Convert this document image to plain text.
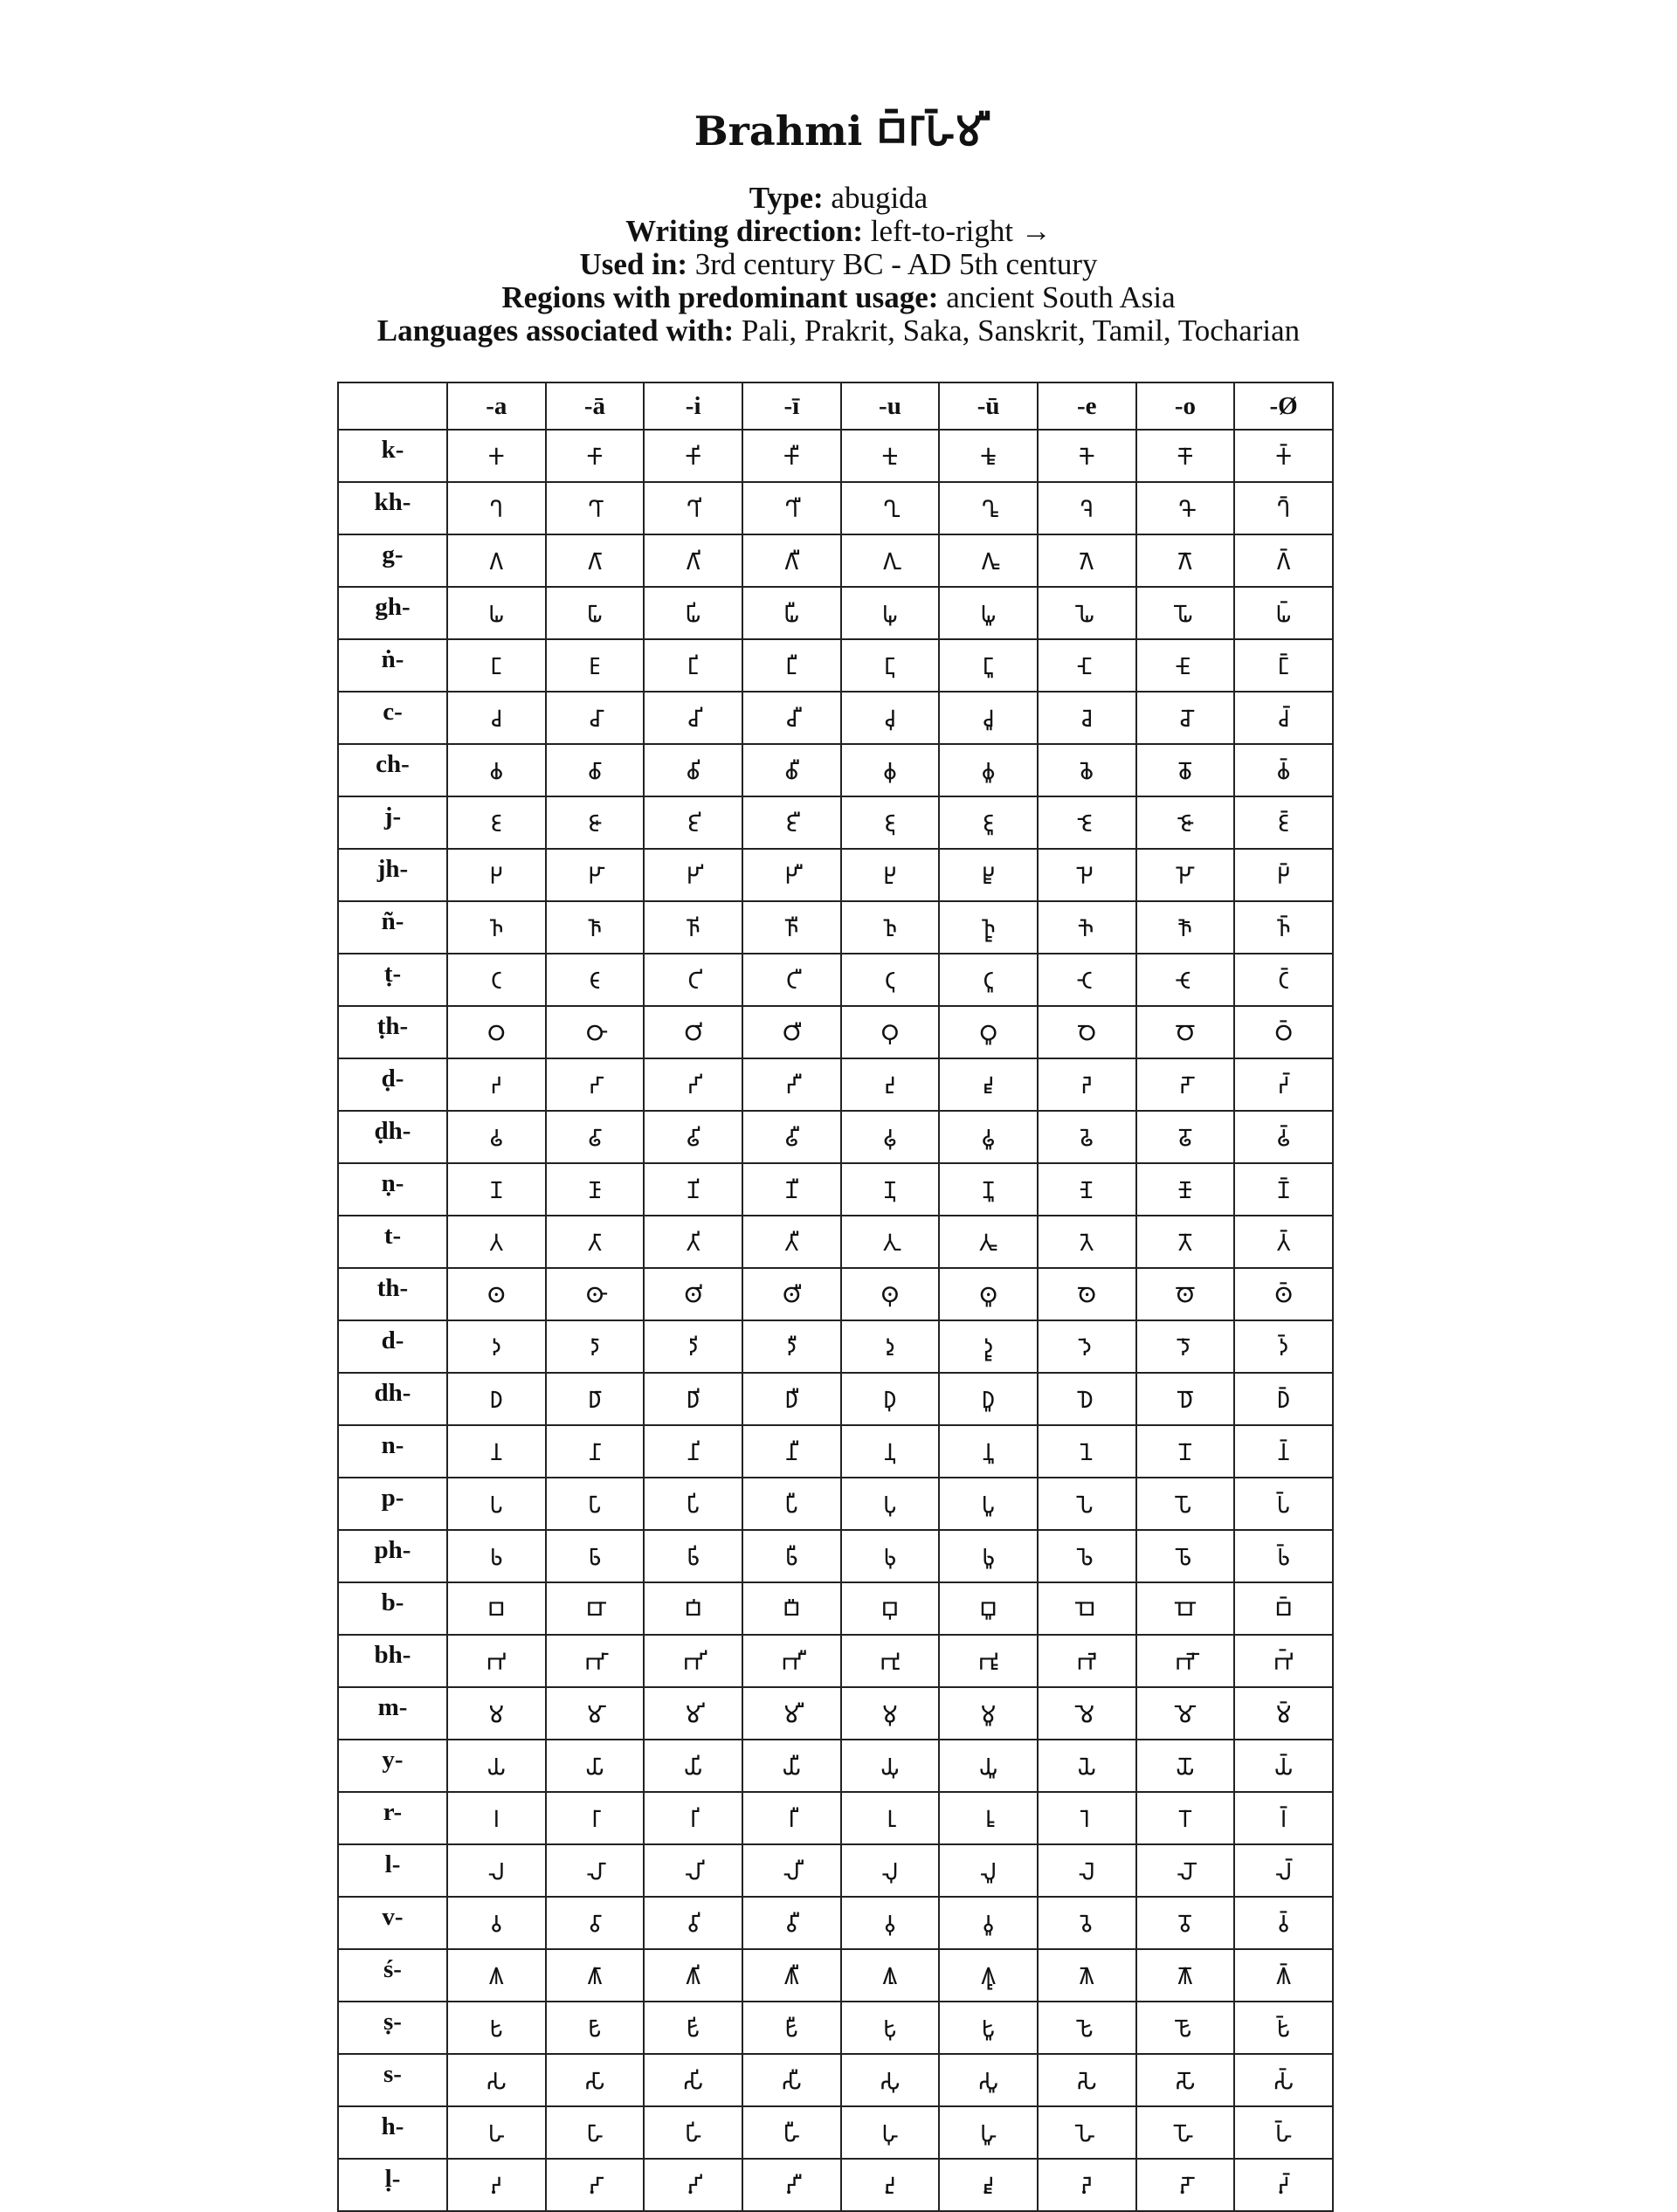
Brahmi 𑀩𑁆𑀭𑀸𑀳𑁆𑀫𑀻
Type: abugida
Writing direction: left-to-right →
Used in: 3rd century BC - AD 5th century
Regions with predominant usage: ancient South Asia
Languages associated with: Pali, Prakrit, Saka, Sanskrit, Tamil, Tocharian
	-a	-ā	-i	-ī	-u	-ū	-e	-o	-Ø
k-	𑀓	𑀓𑀸	𑀓𑀺	𑀓𑀻	𑀓𑀼	𑀓𑀽	𑀓𑁂	𑀓𑁄	𑀓𑁆
kh-	𑀔	𑀔𑀸	𑀔𑀺	𑀔𑀻	𑀔𑀼	𑀔𑀽	𑀔𑁂	𑀔𑁄	𑀔𑁆
g-	𑀕	𑀕𑀸	𑀕𑀺	𑀕𑀻	𑀕𑀼	𑀕𑀽	𑀕𑁂	𑀕𑁄	𑀕𑁆
gh-	𑀖	𑀖𑀸	𑀖𑀺	𑀖𑀻	𑀖𑀼	𑀖𑀽	𑀖𑁂	𑀖𑁄	𑀖𑁆
ṅ-	𑀗	𑀗𑀸	𑀗𑀺	𑀗𑀻	𑀗𑀼	𑀗𑀽	𑀗𑁂	𑀗𑁄	𑀗𑁆
c-	𑀘	𑀘𑀸	𑀘𑀺	𑀘𑀻	𑀘𑀼	𑀘𑀽	𑀘𑁂	𑀘𑁄	𑀘𑁆
ch-	𑀙	𑀙𑀸	𑀙𑀺	𑀙𑀻	𑀙𑀼	𑀙𑀽	𑀙𑁂	𑀙𑁄	𑀙𑁆
j-	𑀚	𑀚𑀸	𑀚𑀺	𑀚𑀻	𑀚𑀼	𑀚𑀽	𑀚𑁂	𑀚𑁄	𑀚𑁆
jh-	𑀛	𑀛𑀸	𑀛𑀺	𑀛𑀻	𑀛𑀼	𑀛𑀽	𑀛𑁂	𑀛𑁄	𑀛𑁆
ñ-	𑀜	𑀜𑀸	𑀜𑀺	𑀜𑀻	𑀜𑀼	𑀜𑀽	𑀜𑁂	𑀜𑁄	𑀜𑁆
ṭ-	𑀝	𑀝𑀸	𑀝𑀺	𑀝𑀻	𑀝𑀼	𑀝𑀽	𑀝𑁂	𑀝𑁄	𑀝𑁆
ṭh-	𑀞	𑀞𑀸	𑀞𑀺	𑀞𑀻	𑀞𑀼	𑀞𑀽	𑀞𑁂	𑀞𑁄	𑀞𑁆
ḍ-	𑀟	𑀟𑀸	𑀟𑀺	𑀟𑀻	𑀟𑀼	𑀟𑀽	𑀟𑁂	𑀟𑁄	𑀟𑁆
ḍh-	𑀠	𑀠𑀸	𑀠𑀺	𑀠𑀻	𑀠𑀼	𑀠𑀽	𑀠𑁂	𑀠𑁄	𑀠𑁆
ṇ-	𑀡	𑀡𑀸	𑀡𑀺	𑀡𑀻	𑀡𑀼	𑀡𑀽	𑀡𑁂	𑀡𑁄	𑀡𑁆
t-	𑀢	𑀢𑀸	𑀢𑀺	𑀢𑀻	𑀢𑀼	𑀢𑀽	𑀢𑁂	𑀢𑁄	𑀢𑁆
th-	𑀣	𑀣𑀸	𑀣𑀺	𑀣𑀻	𑀣𑀼	𑀣𑀽	𑀣𑁂	𑀣𑁄	𑀣𑁆
d-	𑀤	𑀤𑀸	𑀤𑀺	𑀤𑀻	𑀤𑀼	𑀤𑀽	𑀤𑁂	𑀤𑁄	𑀤𑁆
dh-	𑀥	𑀥𑀸	𑀥𑀺	𑀥𑀻	𑀥𑀼	𑀥𑀽	𑀥𑁂	𑀥𑁄	𑀥𑁆
n-	𑀦	𑀦𑀸	𑀦𑀺	𑀦𑀻	𑀦𑀼	𑀦𑀽	𑀦𑁂	𑀦𑁄	𑀦𑁆
p-	𑀧	𑀧𑀸	𑀧𑀺	𑀧𑀻	𑀧𑀼	𑀧𑀽	𑀧𑁂	𑀧𑁄	𑀧𑁆
ph-	𑀨	𑀨𑀸	𑀨𑀺	𑀨𑀻	𑀨𑀼	𑀨𑀽	𑀨𑁂	𑀨𑁄	𑀨𑁆
b-	𑀩	𑀩𑀸	𑀩𑀺	𑀩𑀻	𑀩𑀼	𑀩𑀽	𑀩𑁂	𑀩𑁄	𑀩𑁆
bh-	𑀪	𑀪𑀸	𑀪𑀺	𑀪𑀻	𑀪𑀼	𑀪𑀽	𑀪𑁂	𑀪𑁄	𑀪𑁆
m-	𑀫	𑀫𑀸	𑀫𑀺	𑀫𑀻	𑀫𑀼	𑀫𑀽	𑀫𑁂	𑀫𑁄	𑀫𑁆
y-	𑀬	𑀬𑀸	𑀬𑀺	𑀬𑀻	𑀬𑀼	𑀬𑀽	𑀬𑁂	𑀬𑁄	𑀬𑁆
r-	𑀭	𑀭𑀸	𑀭𑀺	𑀭𑀻	𑀭𑀼	𑀭𑀽	𑀭𑁂	𑀭𑁄	𑀭𑁆
l-	𑀮	𑀮𑀸	𑀮𑀺	𑀮𑀻	𑀮𑀼	𑀮𑀽	𑀮𑁂	𑀮𑁄	𑀮𑁆
v-	𑀯	𑀯𑀸	𑀯𑀺	𑀯𑀻	𑀯𑀼	𑀯𑀽	𑀯𑁂	𑀯𑁄	𑀯𑁆
ś-	𑀰	𑀰𑀸	𑀰𑀺	𑀰𑀻	𑀰𑀼	𑀰𑀽	𑀰𑁂	𑀰𑁄	𑀰𑁆
ṣ-	𑀱	𑀱𑀸	𑀱𑀺	𑀱𑀻	𑀱𑀼	𑀱𑀽	𑀱𑁂	𑀱𑁄	𑀱𑁆
s-	𑀲	𑀲𑀸	𑀲𑀺	𑀲𑀻	𑀲𑀼	𑀲𑀽	𑀲𑁂	𑀲𑁄	𑀲𑁆
h-	𑀳	𑀳𑀸	𑀳𑀺	𑀳𑀻	𑀳𑀼	𑀳𑀽	𑀳𑁂	𑀳𑁄	𑀳𑁆
ḷ-	𑀴	𑀴𑀸	𑀴𑀺	𑀴𑀻	𑀴𑀼	𑀴𑀽	𑀴𑁂	𑀴𑁄	𑀴𑁆
